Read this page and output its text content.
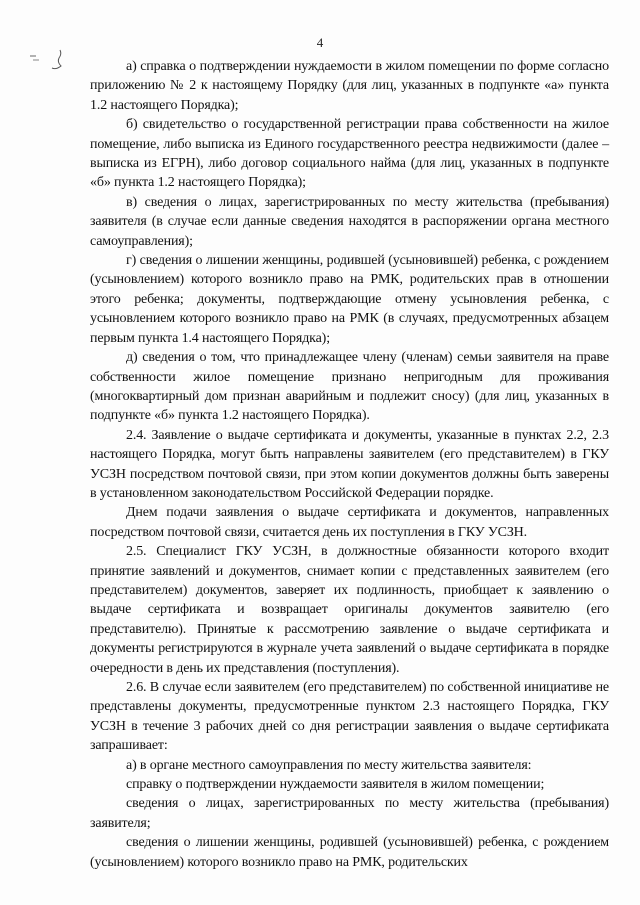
4

а) справка о подтверждении нуждаемости в жилом помещении по форме согласно приложению № 2 к настоящему Порядку (для лиц, указанных в подпункте «а» пункта 1.2 настоящего Порядка);

б) свидетельство о государственной регистрации права собственности на жилое помещение, либо выписка из Единого государственного реестра недвижимости (далее – выписка из ЕГРН), либо договор социального найма (для лиц, указанных в подпункте «б» пункта 1.2 настоящего Порядка);

в) сведения о лицах, зарегистрированных по месту жительства (пребывания) заявителя (в случае если данные сведения находятся в распоряжении органа местного самоуправления);

г) сведения о лишении женщины, родившей (усыновившей) ребенка, с рождением (усыновлением) которого возникло право на РМК, родительских прав в отношении этого ребенка; документы, подтверждающие отмену усыновления ребенка, с усыновлением которого возникло право на РМК (в случаях, предусмотренных абзацем первым пункта 1.4 настоящего Порядка);

д) сведения о том, что принадлежащее члену (членам) семьи заявителя на праве собственности жилое помещение признано непригодным для проживания (многоквартирный дом признан аварийным и подлежит сносу) (для лиц, указанных в подпункте «б» пункта 1.2 настоящего Порядка).

2.4. Заявление о выдаче сертификата и документы, указанные в пунктах 2.2, 2.3 настоящего Порядка, могут быть направлены заявителем (его представителем) в ГКУ УСЗН посредством почтовой связи, при этом копии документов должны быть заверены в установленном законодательством Российской Федерации порядке.

Днем подачи заявления о выдаче сертификата и документов, направленных посредством почтовой связи, считается день их поступления в ГКУ УСЗН.

2.5. Специалист ГКУ УСЗН, в должностные обязанности которого входит принятие заявлений и документов, снимает копии с представленных заявителем (его представителем) документов, заверяет их подлинность, приобщает к заявлению о выдаче сертификата и возвращает оригиналы документов заявителю (его представителю). Принятые к рассмотрению заявление о выдаче сертификата и документы регистрируются в журнале учета заявлений о выдаче сертификата в порядке очередности в день их представления (поступления).

2.6. В случае если заявителем (его представителем) по собственной инициативе не представлены документы, предусмотренные пунктом 2.3 настоящего Порядка, ГКУ УСЗН в течение 3 рабочих дней со дня регистрации заявления о выдаче сертификата запрашивает:

а) в органе местного самоуправления по месту жительства заявителя:

справку о подтверждении нуждаемости заявителя в жилом помещении;

сведения о лицах, зарегистрированных по месту жительства (пребывания) заявителя;

сведения о лишении женщины, родившей (усыновившей) ребенка, с рождением (усыновлением) которого возникло право на РМК, родительских
